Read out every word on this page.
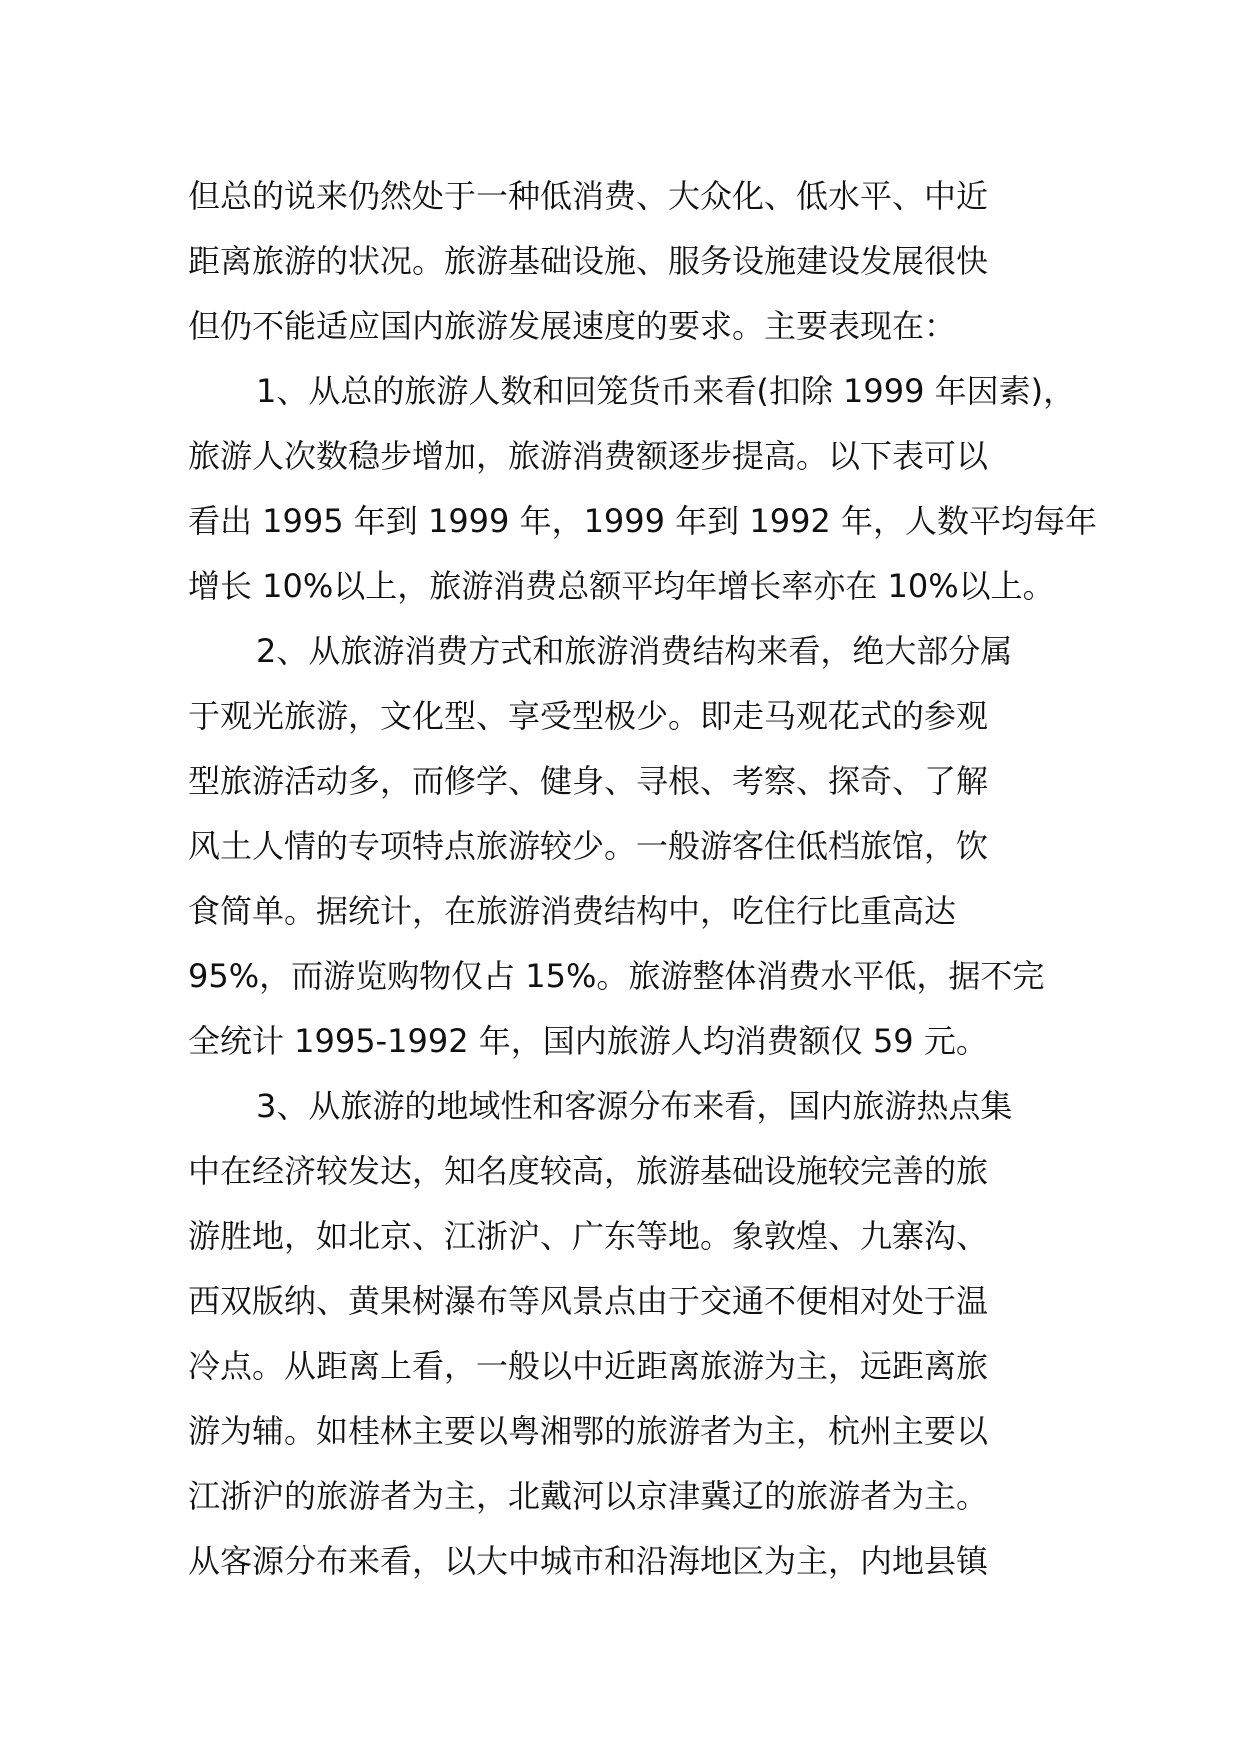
但总的说来仍然处于一种低消费、大众化、低水平、中近
距离旅游的状况。旅游基础设施、服务设施建设发展很快
但仍不能适应国内旅游发展速度的要求。主要表现在：
1、从总的旅游人数和回笼货币来看(扣除 1999 年因素)，
旅游人次数稳步增加，旅游消费额逐步提高。以下表可以
看出 1995 年到 1999 年，1999 年到 1992 年，人数平均每年
增长 10%以上，旅游消费总额平均年增长率亦在 10%以上。
2、从旅游消费方式和旅游消费结构来看，绝大部分属
于观光旅游，文化型、享受型极少。即走马观花式的参观
型旅游活动多，而修学、健身、寻根、考察、探奇、了解
风土人情的专项特点旅游较少。一般游客住低档旅馆，饮
食简单。据统计，在旅游消费结构中，吃住行比重高达
95%，而游览购物仅占 15%。旅游整体消费水平低，据不完
全统计 1995-1992 年，国内旅游人均消费额仅 59 元。
3、从旅游的地域性和客源分布来看，国内旅游热点集
中在经济较发达，知名度较高，旅游基础设施较完善的旅
游胜地，如北京、江浙沪、广东等地。象敦煌、九寨沟、
西双版纳、黄果树瀑布等风景点由于交通不便相对处于温
冷点。从距离上看，一般以中近距离旅游为主，远距离旅
游为辅。如桂林主要以粤湘鄂的旅游者为主，杭州主要以
江浙沪的旅游者为主，北戴河以京津冀辽的旅游者为主。
从客源分布来看，以大中城市和沿海地区为主，内地县镇
